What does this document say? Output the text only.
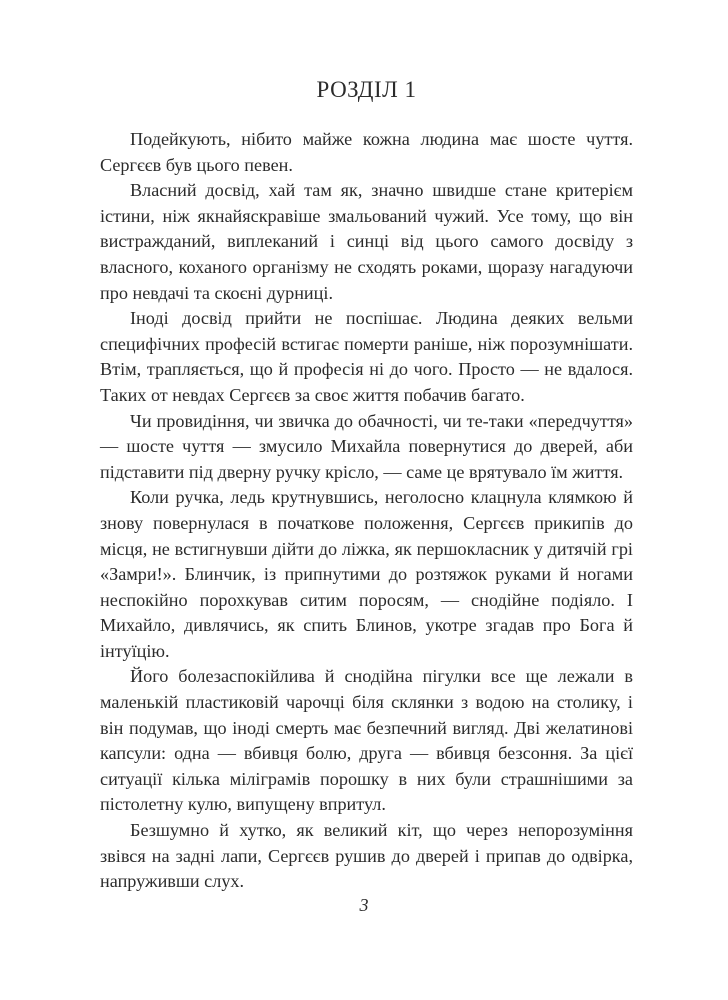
РОЗДІЛ 1

Подейкують, нібито майже кожна людина має шосте чуття. Сергєєв був цього певен.

Власний досвід, хай там як, значно швидше стане критерієм істини, ніж якнайяскравіше змальований чужий. Усе тому, що він вистражданий, виплеканий і синці від цього самого досвіду з власного, коханого організму не сходять роками, щоразу нагадуючи про невдачі та скоєні дурниці.

Іноді досвід прийти не поспішає. Людина деяких вельми специфічних професій встигає померти раніше, ніж порозумнішати. Втім, трапляється, що й професія ні до чого. Просто — не вдалося. Таких от невдах Сергєєв за своє життя побачив багато.

Чи провидіння, чи звичка до обачності, чи те-таки «передчуття» — шосте чуття — змусило Михайла повернутися до дверей, аби підставити під дверну ручку крісло, — саме це врятувало їм життя.

Коли ручка, ледь крутнувшись, неголосно клацнула клямкою й знову повернулася в початкове положення, Сергєєв прикипів до місця, не встигнувши дійти до ліжка, як першокласник у дитячій грі «Замри!». Блинчик, із припнутими до розтяжок руками й ногами неспокійно порохкував ситим поросям, — снодійне подіяло. І Михайло, дивлячись, як спить Блинов, укотре згадав про Бога й інтуїцію.

Його болезаспокійлива й снодійна пігулки все ще лежали в маленькій пластиковій чарочці біля склянки з водою на столику, і він подумав, що іноді смерть має безпечний вигляд. Дві желатинові капсули: одна — вбивця болю, друга — вбивця безсоння. За цієї ситуації кілька міліграмів порошку в них були страшнішими за пістолетну кулю, випущену впритул.

Безшумно й хутко, як великий кіт, що через непорозуміння звівся на задні лапи, Сергєєв рушив до дверей і припав до одвірка, напруживши слух.

3
